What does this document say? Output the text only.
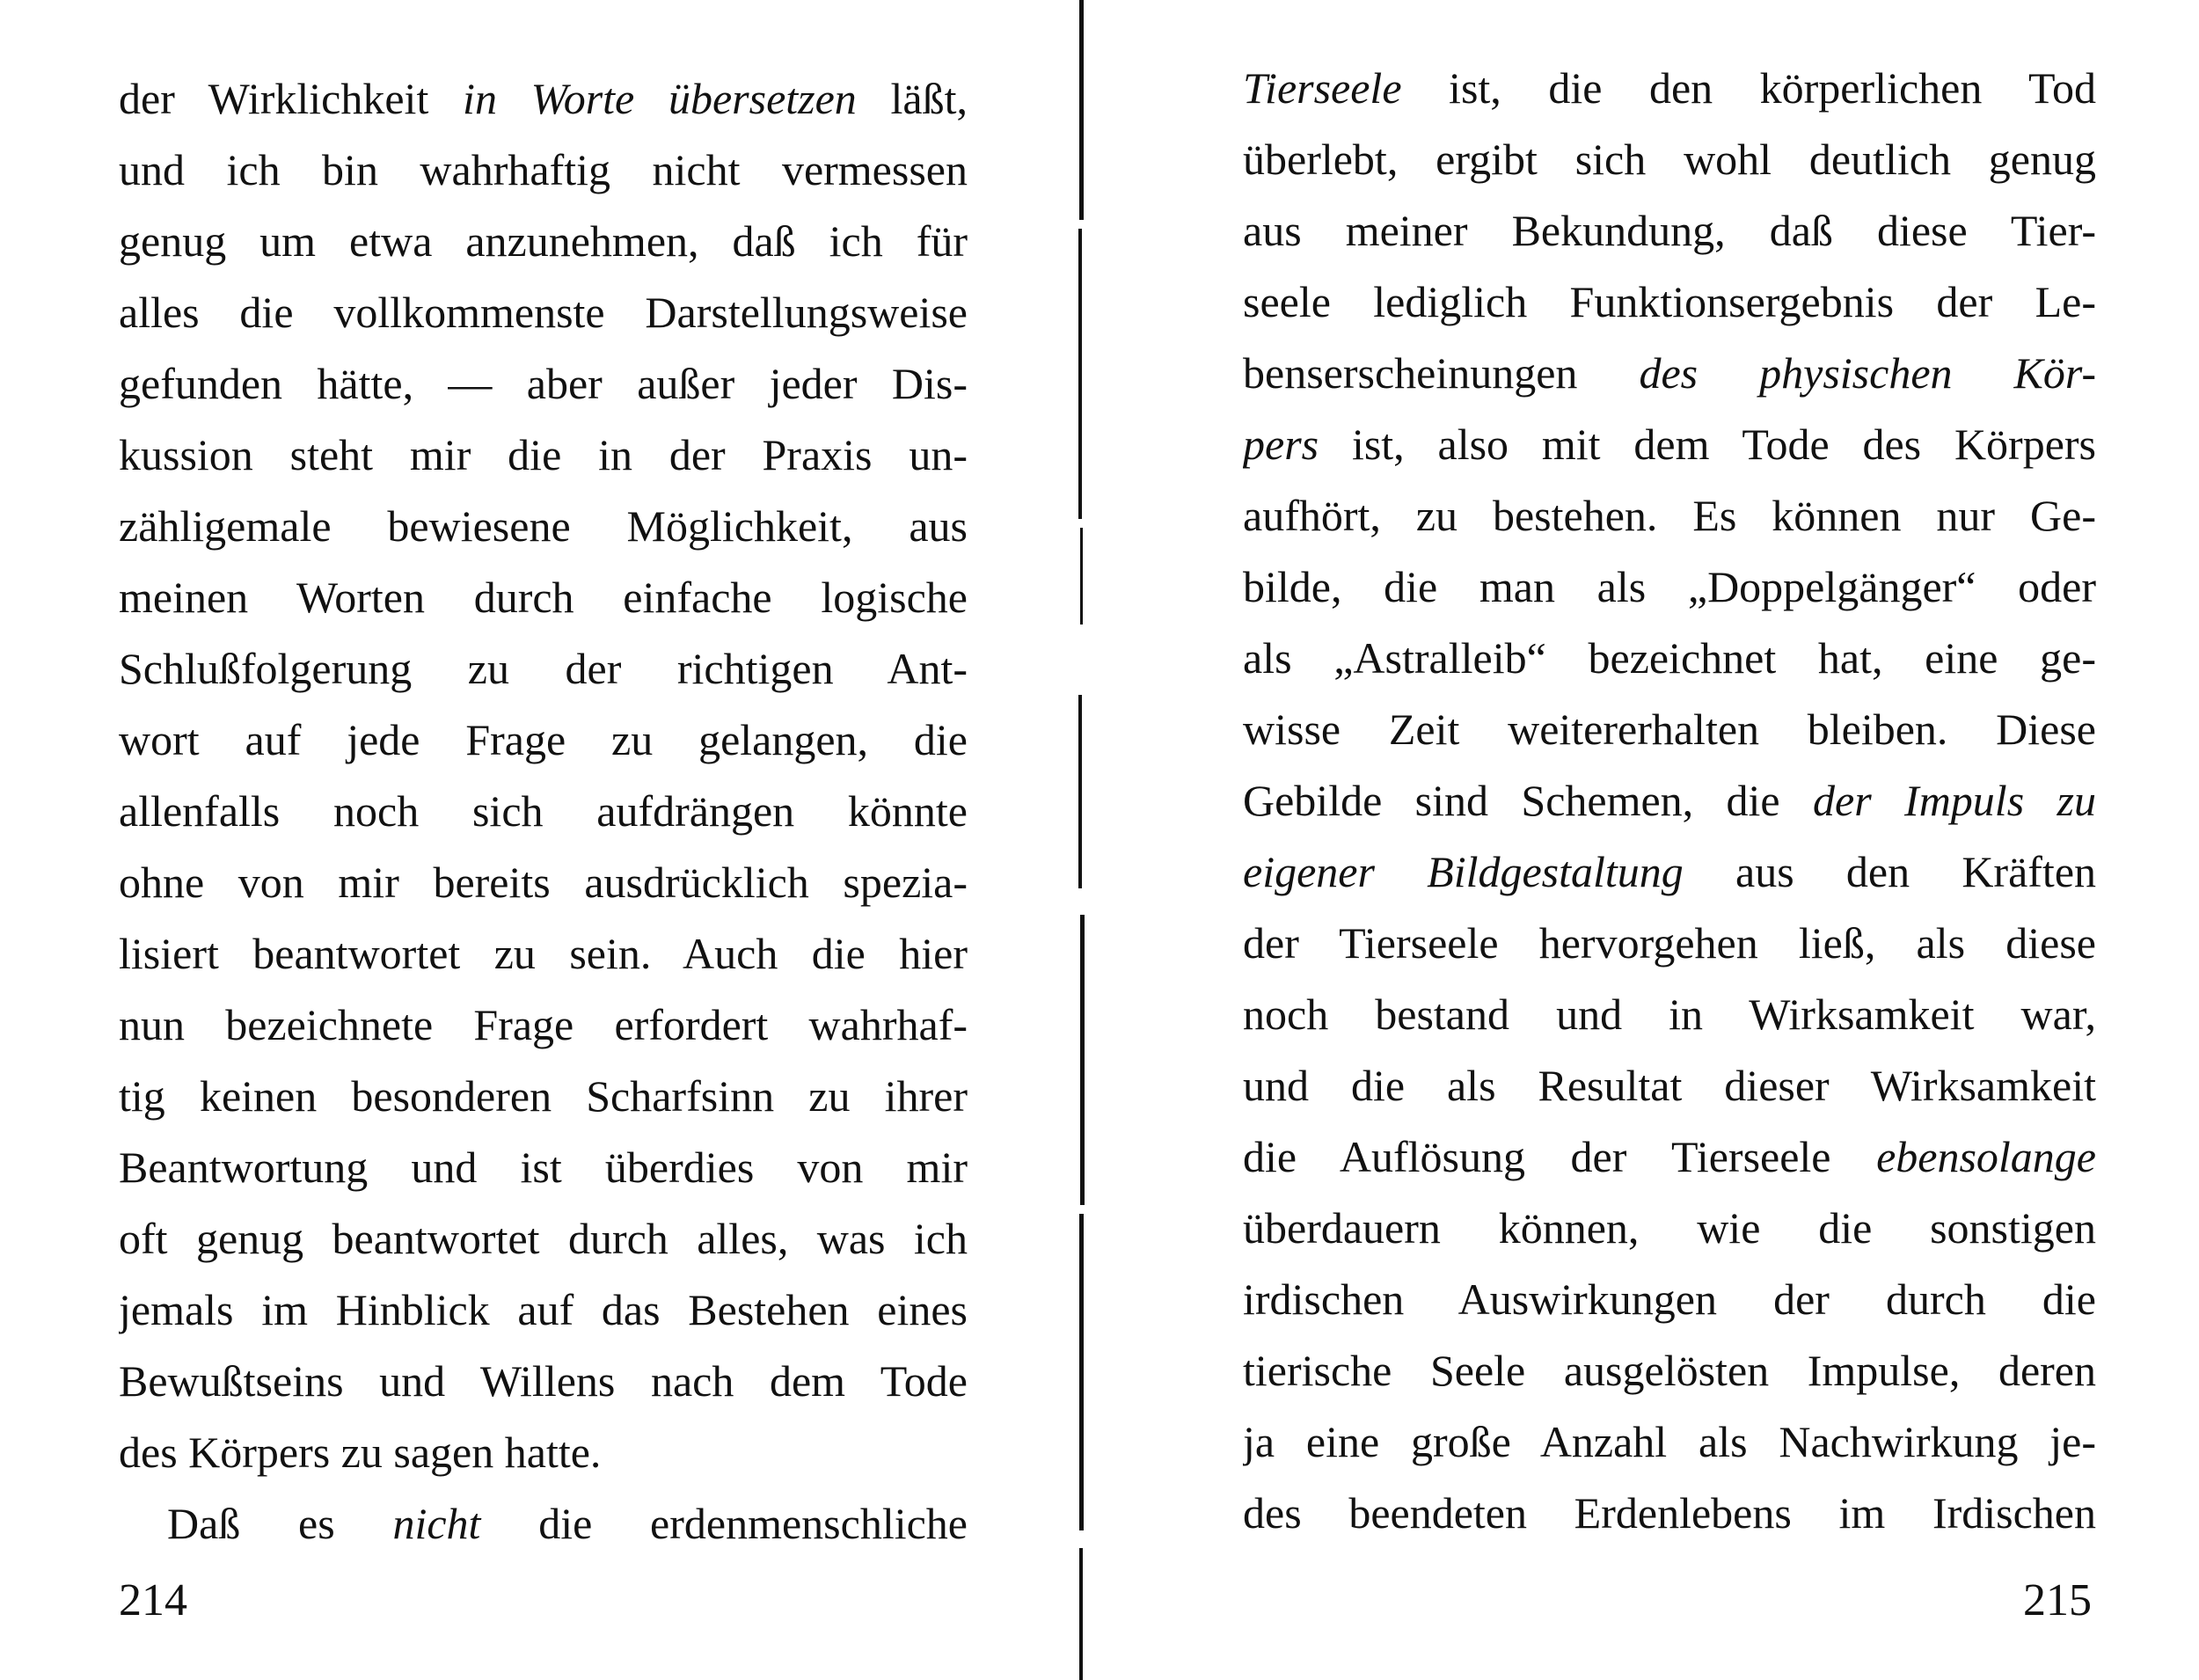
der Wirklichkeit in Worte übersetzen läßt,
und ich bin wahrhaftig nicht vermessen
genug um etwa anzunehmen, daß ich für
alles die vollkommenste Darstellungsweise
gefunden hätte, — aber außer jeder Dis-
kussion steht mir die in der Praxis un-
zähligemale bewiesene Möglichkeit, aus
meinen Worten durch einfache logische
Schlußfolgerung zu der richtigen Ant-
wort auf jede Frage zu gelangen, die
allenfalls noch sich aufdrängen könnte
ohne von mir bereits ausdrücklich spezia-
lisiert beantwortet zu sein. Auch die hier
nun bezeichnete Frage erfordert wahrhaf-
tig keinen besonderen Scharfsinn zu ihrer
Beantwortung und ist überdies von mir
oft genug beantwortet durch alles, was ich
jemals im Hinblick auf das Bestehen eines
Bewußtseins und Willens nach dem Tode
des Körpers zu sagen hatte.
Daß es nicht die erdenmenschliche
214
Tierseele ist, die den körperlichen Tod
überlebt, ergibt sich wohl deutlich genug
aus meiner Bekundung, daß diese Tier-
seele lediglich Funktionsergebnis der Le-
benserscheinungen des physischen Kör-
pers ist, also mit dem Tode des Körpers
aufhört, zu bestehen. Es können nur Ge-
bilde, die man als „Doppelgänger“ oder
als „Astralleib“ bezeichnet hat, eine ge-
wisse Zeit weitererhalten bleiben. Diese
Gebilde sind Schemen, die der Impuls zu
eigener Bildgestaltung aus den Kräften
der Tierseele hervorgehen ließ, als diese
noch bestand und in Wirksamkeit war,
und die als Resultat dieser Wirksamkeit
die Auflösung der Tierseele ebensolange
überdauern können, wie die sonstigen
irdischen Auswirkungen der durch die
tierische Seele ausgelösten Impulse, deren
ja eine große Anzahl als Nachwirkung je-
des beendeten Erdenlebens im Irdischen
215
